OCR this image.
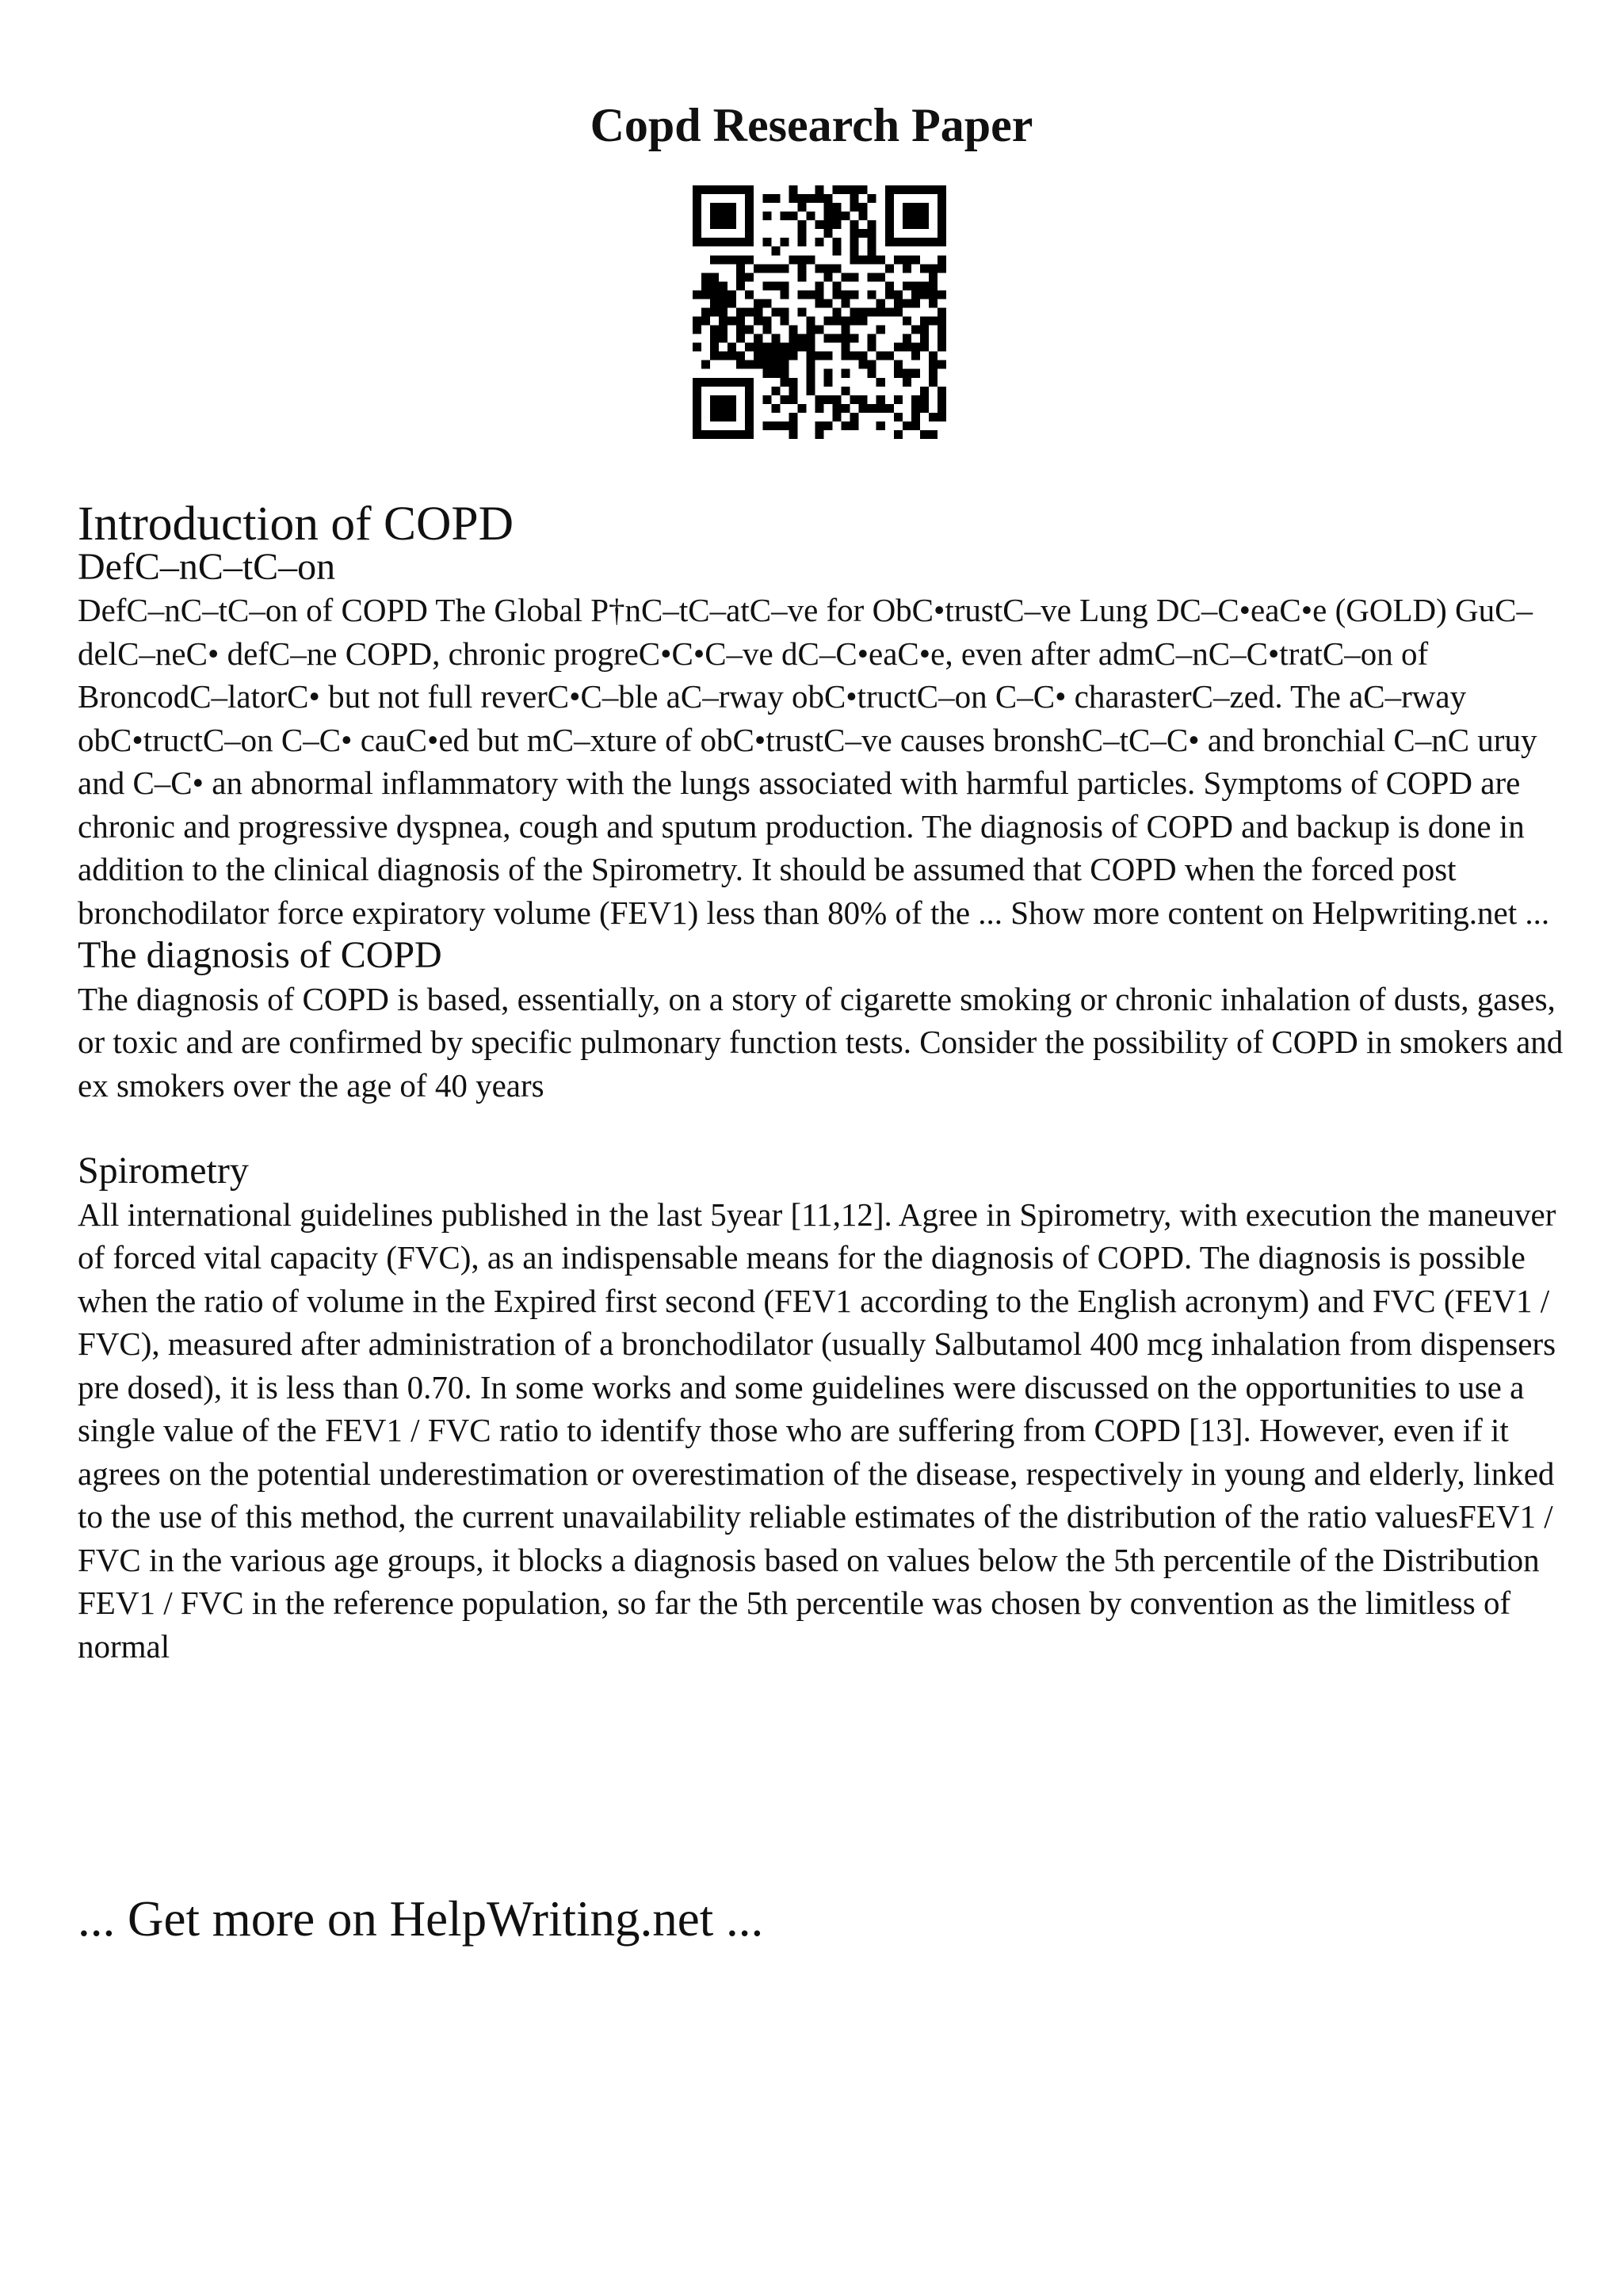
Copd Research Paper
Introduction of COPD
DefC–nC–tC–on

DefC–nC–tC–on of COPD The Global P†nC–tC–atC–ve for ObC•trustC–ve Lung DC–C•eaC•e (GOLD) GuC–delC–neC• defC–ne COPD, chronic progreC•C•C–ve dC–C•eaC•e, even after admC–nC–C•tratC–on of BroncodC–latorC• but not full reverC•C–ble aC–rway obC•tructC–on C–C• charasterC–zed. The aC–rway obC•tructC–on C–C• cauC•ed but mC–xture of obC•trustC–ve causes bronshC–tC–C• and bronchial C–nC uruy and C–C• an abnormal inflammatory with the lungs associated with harmful particles. Symptoms of COPD are chronic and progressive dyspnea, cough and sputum production. The diagnosis of COPD and backup is done in addition to the clinical diagnosis of the Spirometry. It should be assumed that COPD when the forced post bronchodilator force expiratory volume (FEV1) less than 80% of the ... Show more content on Helpwriting.net ...

The diagnosis of COPD

The diagnosis of COPD is based, essentially, on a story of cigarette smoking or chronic inhalation of dusts, gases, or toxic and are confirmed by specific pulmonary function tests. Consider the possibility of COPD in smokers and ex smokers over the age of 40 years

Spirometry

All international guidelines published in the last 5year [11,12]. Agree in Spirometry, with execution the maneuver of forced vital capacity (FVC), as an indispensable means for the diagnosis of COPD. The diagnosis is possible when the ratio of volume in the Expired first second (FEV1 according to the English acronym) and FVC (FEV1 / FVC), measured after administration of a bronchodilator (usually Salbutamol 400 mcg inhalation from dispensers pre dosed), it is less than 0.70. In some works and some guidelines were discussed on the opportunities to use a single value of the FEV1 / FVC ratio to identify those who are suffering from COPD [13]. However, even if it agrees on the potential underestimation or overestimation of the disease, respectively in young and elderly, linked to the use of this method, the current unavailability reliable estimates of the distribution of the ratio valuesFEV1 / FVC in the various age groups, it blocks a diagnosis based on values below the 5th percentile of the Distribution FEV1 / FVC in the reference population, so far the 5th percentile was chosen by convention as the limitless of normal

... Get more on HelpWriting.net ...
